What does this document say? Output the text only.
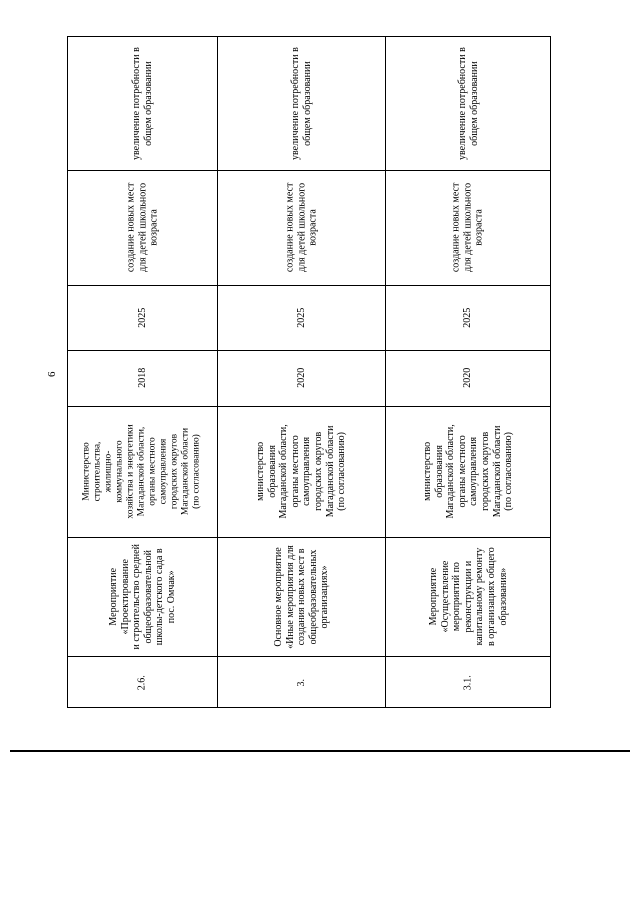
6
2.6.
Мероприятие
«Проектирование
и строительство средней
общеобразовательной
школы-детского сада в
пос. Омчак»
Министерство
строительства,
жилищно-
коммунального
хозяйства и энергетики
Магаданской области,
органы местного
самоуправления
городских округов
Магаданской области
(по согласованию)
2018
2025
создание новых мест
для детей школьного
возраста
увеличение потребности в
общем образовании
3.
Основное мероприятие
«Иные мероприятия для
создания новых мест в
общеобразовательных
организациях»
министерство
образования
Магаданской области,
органы местного
самоуправления
городских округов
Магаданской области
(по согласованию)
2020
2025
создание новых мест
для детей школьного
возраста
увеличение потребности в
общем образовании
3.1.
Мероприятие
«Осуществление
мероприятий по
реконструкции и
капитальному ремонту
в организациях общего
образования»
министерство
образования
Магаданской области,
органы местного
самоуправления
городских округов
Магаданской области
(по согласованию)
2020
2025
создание новых мест
для детей школьного
возраста
увеличение потребности в
общем образовании
